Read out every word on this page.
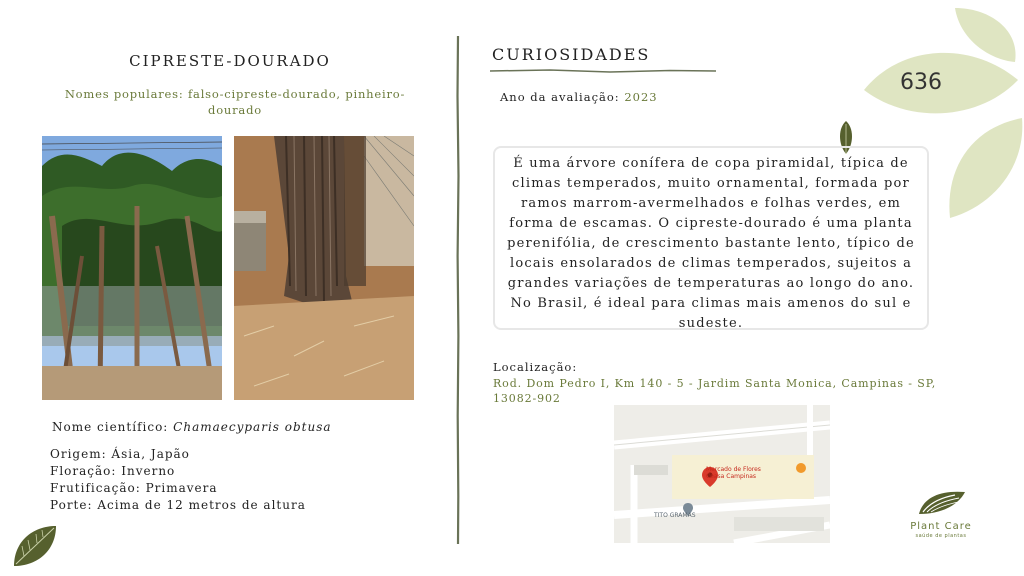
CIPRESTE-DOURADO
Nomes populares: falso-cipreste-dourado, pinheiro-dourado
Nome científico: Chamaecyparis obtusa
Origem: Ásia, Japão
Floração: Inverno
Frutificação: Primavera
Porte: Acima de 12 metros de altura
CURIOSIDADES
Ano da avaliação: 2023
636
É uma árvore conífera de copa piramidal, típica de climas temperados, muito ornamental, formada por ramos marrom-avermelhados e folhas verdes, em forma de escamas. O cipreste-dourado é uma planta perenifólia, de crescimento bastante lento, típico de locais ensolarados de climas temperados, sujeitos a grandes variações de temperaturas ao longo do ano. No Brasil, é ideal para climas mais amenos do sul e sudeste.
Localização:
Rod. Dom Pedro I, Km 140 - 5 - Jardim Santa Monica, Campinas - SP, 13082-902
Mercado de Flores
Ceasa Campinas
TITO GRAMAS
Plant Care
saúde de plantas
